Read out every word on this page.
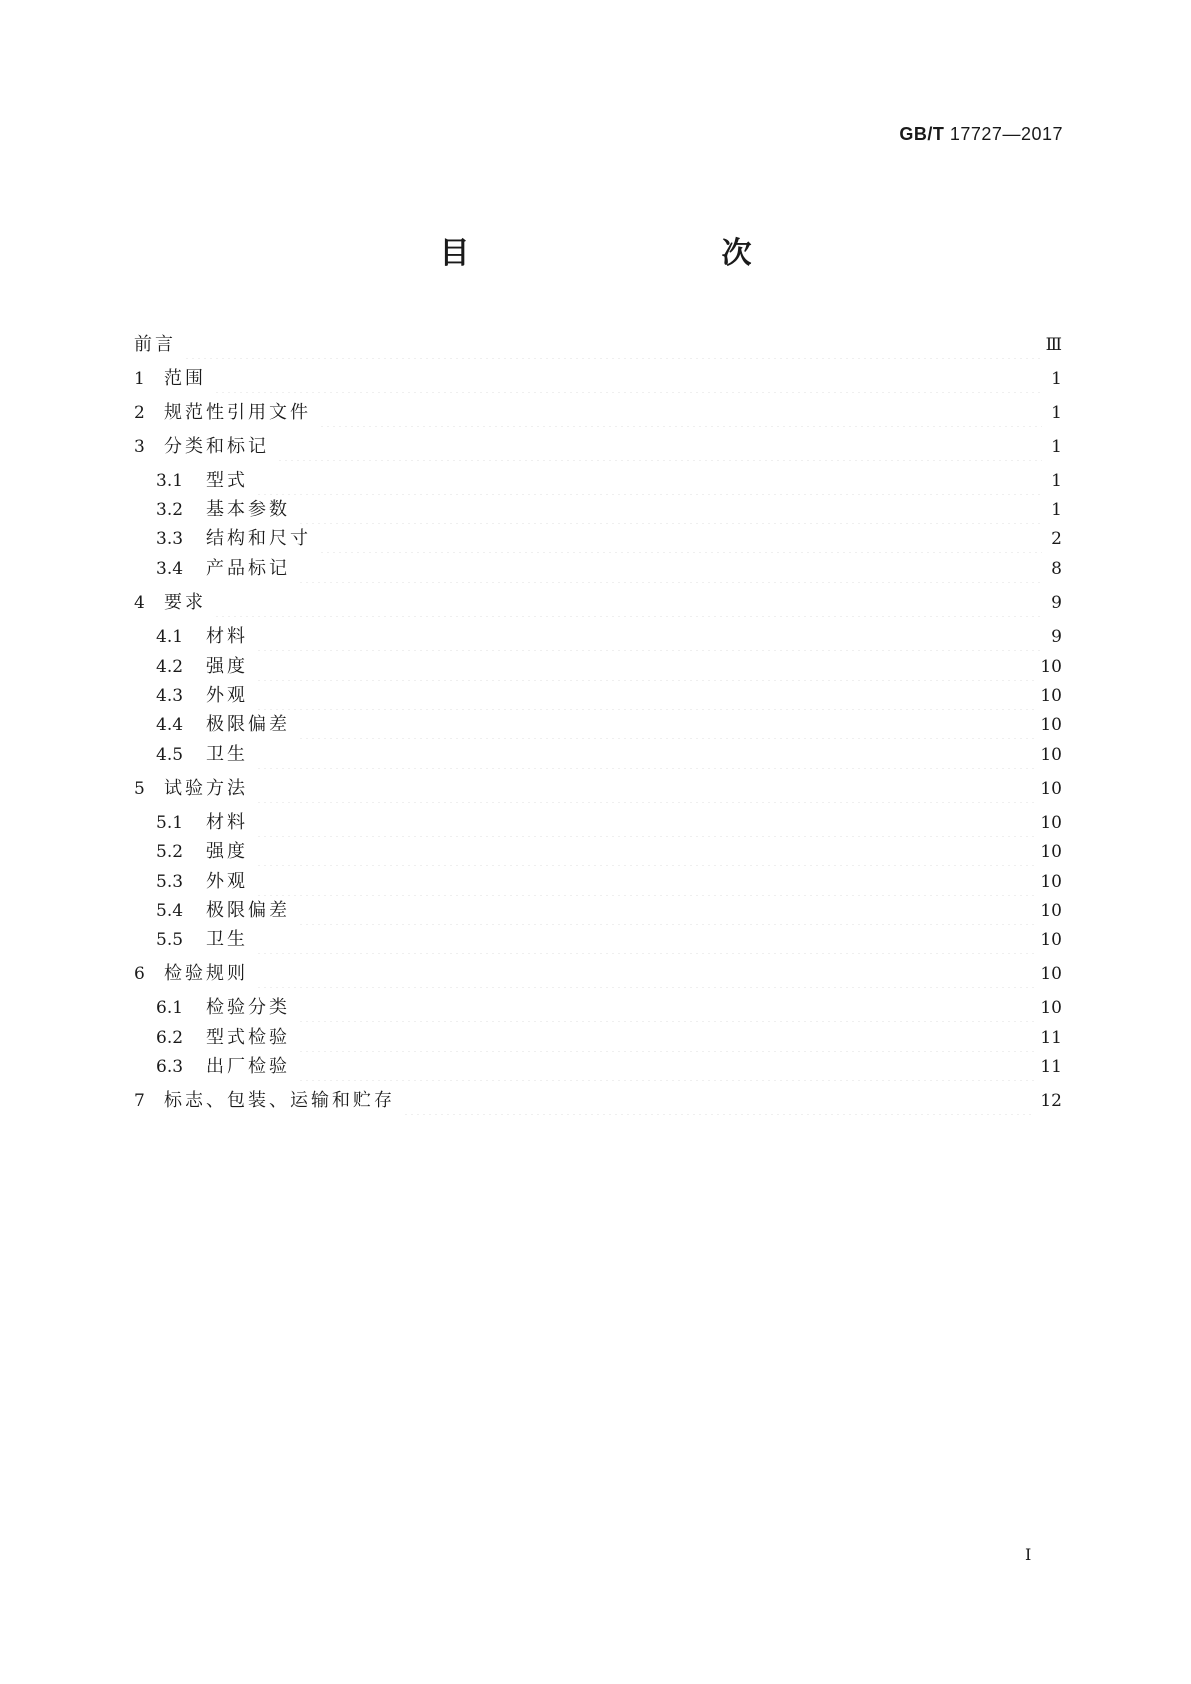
GB/T 17727—2017
目　　次
前言	Ⅲ
1	范围	1
2	规范性引用文件	1
3	分类和标记	1
3.1	型式	1
3.2	基本参数	1
3.3	结构和尺寸	2
3.4	产品标记	8
4	要求	9
4.1	材料	9
4.2	强度	10
4.3	外观	10
4.4	极限偏差	10
4.5	卫生	10
5	试验方法	10
5.1	材料	10
5.2	强度	10
5.3	外观	10
5.4	极限偏差	10
5.5	卫生	10
6	检验规则	10
6.1	检验分类	10
6.2	型式检验	11
6.3	出厂检验	11
7	标志、包装、运输和贮存	12
I
